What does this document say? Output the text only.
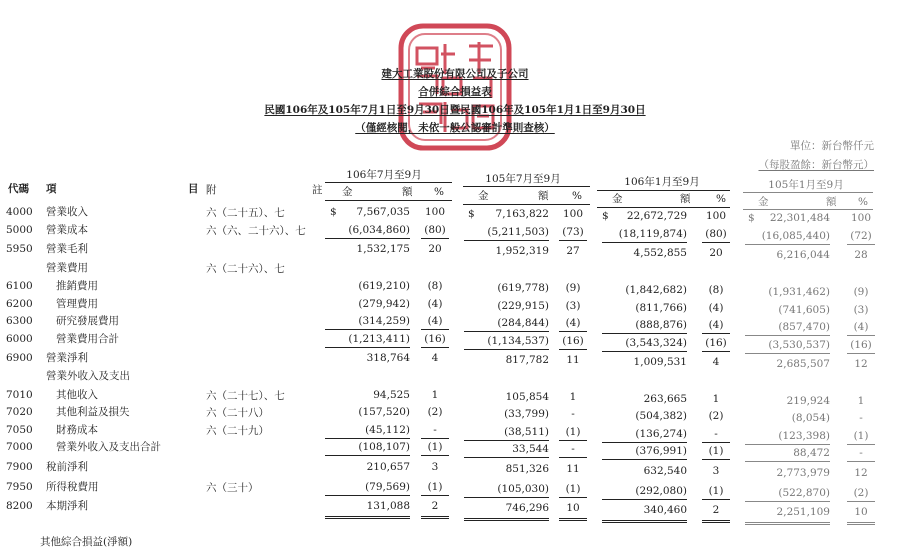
建大工業股份有限公司及子公司
合併綜合損益表
民國106年及105年7月1日至9月30日暨民國106年及105年1月1日至9月30日
（僅經核閱，未依一般公認審計準則查核）
單位：新台幣仟元
（每股盈餘：新台幣元）
106年7月至9月	105年7月至9月	106年1月至9月	105年1月至9月
代碼 項	目 附	註 金	額 %	金	額 %	金	額 %	金	額 %
4000 營業收入	六（二十五）、七	$ 7,567,035	100	$ 7,163,822	100	$ 22,672,729	100	$ 22,301,484	100
5000 營業成本	六（六、二十六）、七	(6,034,860)	(80)	(5,211,503)	(73)	(18,119,874)	(80)	(16,085,440)	(72)
5950 營業毛利	1,532,175	20	1,952,319	27	4,552,855	20	6,216,044	28
營業費用	六（二十六）、七
6100 推銷費用	(619,210)	(8)	(619,778)	(9)	(1,842,682)	(8)	(1,931,462)	(9)
6200 管理費用	(279,942)	(4)	(229,915)	(3)	(811,766)	(4)	(741,605)	(3)
6300 研究發展費用	(314,259)	(4)	(284,844)	(4)	(888,876)	(4)	(857,470)	(4)
6000 營業費用合計	(1,213,411)	(16)	(1,134,537)	(16)	(3,543,324)	(16)	(3,530,537)	(16)
6900 營業淨利	318,764	4	817,782	11	1,009,531	4	2,685,507	12
營業外收入及支出
7010 其他收入	六（二十七）、七	94,525	1	105,854	1	263,665	1	219,924	1
7020 其他利益及損失	六（二十八）	(157,520)	(2)	(33,799)	-	(504,382)	(2)	(8,054)	-
7050 財務成本	六（二十九）	(45,112)	-	(38,511)	(1)	(136,274)	-	(123,398)	(1)
7000 營業外收入及支出合計	(108,107)	(1)	33,544	-	(376,991)	(1)	88,472	-
7900 稅前淨利	210,657	3	851,326	11	632,540	3	2,773,979	12
7950 所得稅費用	六（三十）	(79,569)	(1)	(105,030)	(1)	(292,080)	(1)	(522,870)	(2)
8200 本期淨利	131,088	2	746,296	10	340,460	2	2,251,109	10
其他綜合損益(淨額)
